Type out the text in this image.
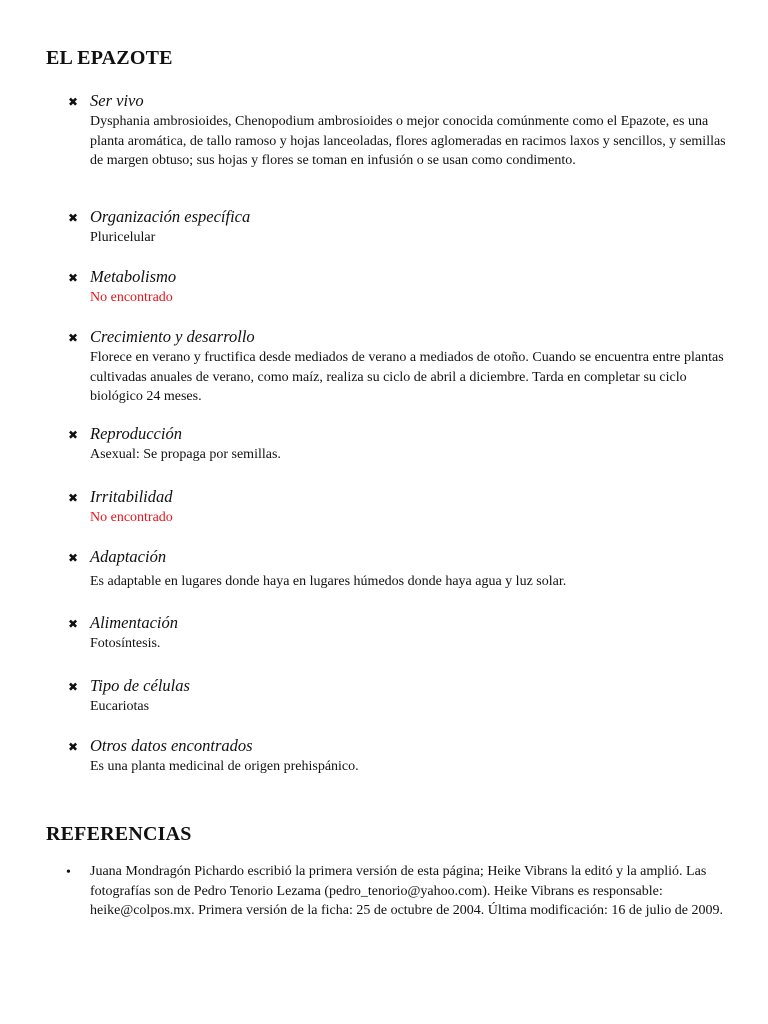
EL EPAZOTE
✖ Ser vivo
Dysphania ambrosioides, Chenopodium ambrosioides o mejor conocida comúnmente como el Epazote, es una planta aromática, de tallo ramoso y hojas lanceoladas, flores aglomeradas en racimos laxos y sencillos, y semillas de margen obtuso; sus hojas y flores se toman en infusión o se usan como condimento.
✖ Organización específica
Pluricelular
✖ Metabolismo
No encontrado
✖ Crecimiento y desarrollo
Florece en verano y fructifica desde mediados de verano a mediados de otoño. Cuando se encuentra entre plantas cultivadas anuales de verano, como maíz, realiza su ciclo de abril a diciembre. Tarda en completar su ciclo biológico 24 meses.
✖ Reproducción
Asexual: Se propaga por semillas.
✖ Irritabilidad
No encontrado
✖ Adaptación
Es adaptable en lugares donde haya en lugares húmedos donde haya agua y luz solar.
✖ Alimentación
Fotosíntesis.
✖ Tipo de células
Eucariotas
✖ Otros datos encontrados
Es una planta medicinal de origen prehispánico.
REFERENCIAS
• Juana Mondragón Pichardo escribió la primera versión de esta página; Heike Vibrans la editó y la amplió. Las fotografías son de Pedro Tenorio Lezama (pedro_tenorio@yahoo.com). Heike Vibrans es responsable: heike@colpos.mx. Primera versión de la ficha: 25 de octubre de 2004. Última modificación: 16 de julio de 2009.
